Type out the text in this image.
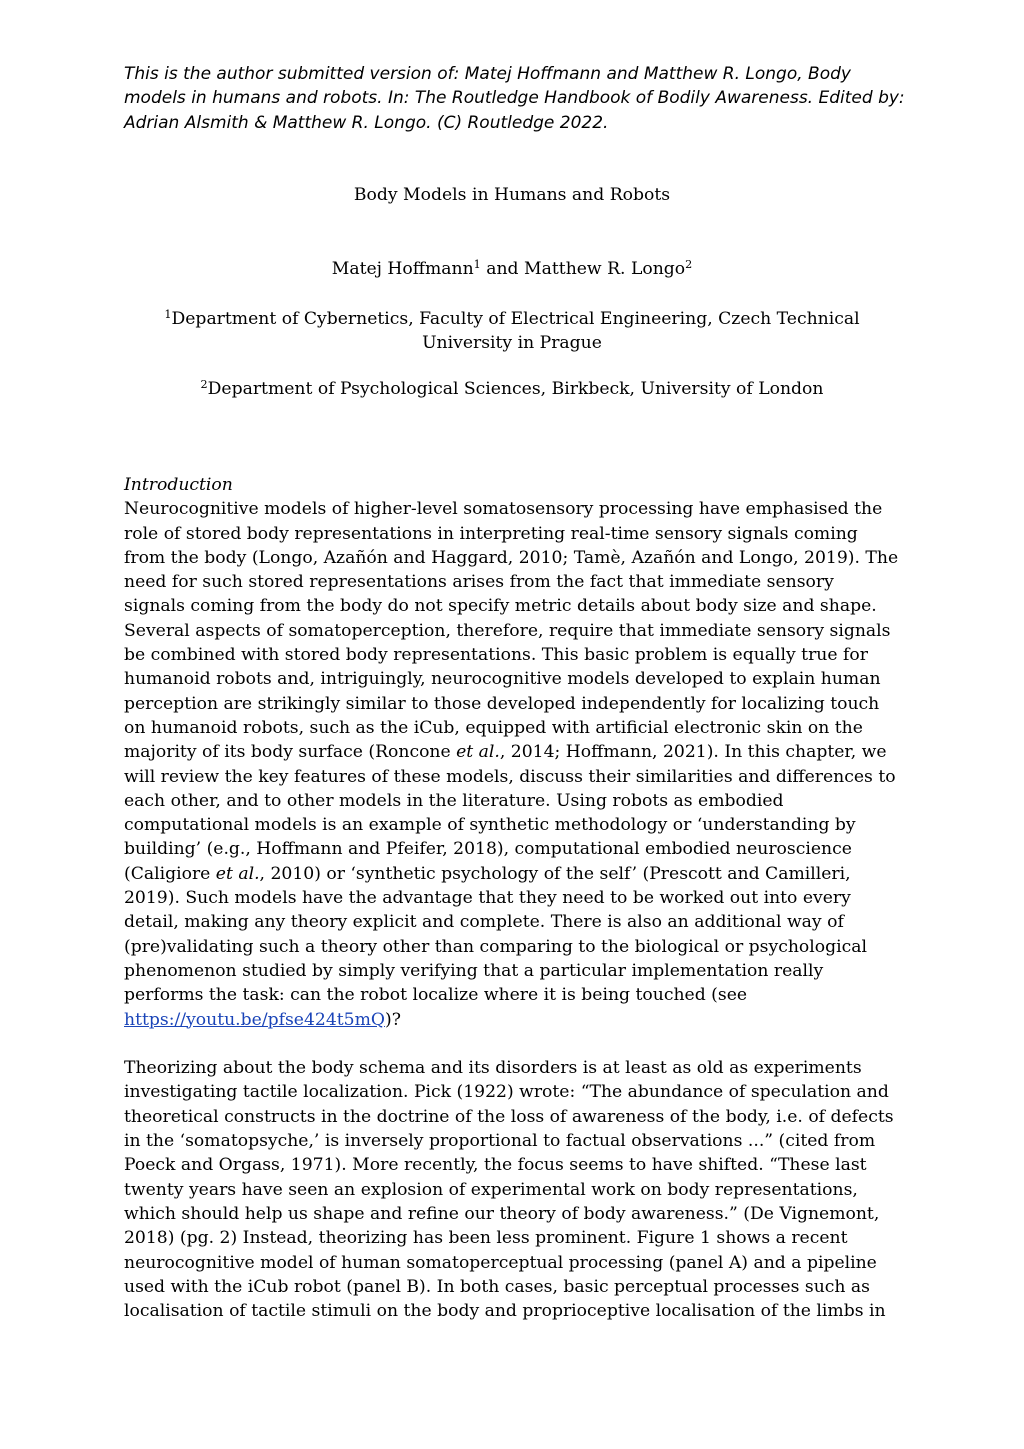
This is the author submitted version of: Matej Hoffmann and Matthew R. Longo, Body
models in humans and robots. In: The Routledge Handbook of Bodily Awareness. Edited by:
Adrian Alsmith & Matthew R. Longo. (C) Routledge 2022.
Body Models in Humans and Robots
Matej Hoffmann$^1$ and Matthew R. Longo$^2$
$^1$Department of Cybernetics, Faculty of Electrical Engineering, Czech Technical
University in Prague
$^2$Department of Psychological Sciences, Birkbeck, University of London
Introduction
Neurocognitive models of higher-level somatosensory processing have emphasised the
role of stored body representations in interpreting real-time sensory signals coming
from the body (Longo, Azañón and Haggard, 2010; Tamè, Azañón and Longo, 2019). The
need for such stored representations arises from the fact that immediate sensory
signals coming from the body do not specify metric details about body size and shape.
Several aspects of somatoperception, therefore, require that immediate sensory signals
be combined with stored body representations. This basic problem is equally true for
humanoid robots and, intriguingly, neurocognitive models developed to explain human
perception are strikingly similar to those developed independently for localizing touch
on humanoid robots, such as the iCub, equipped with artificial electronic skin on the
majority of its body surface (Roncone et al., 2014; Hoffmann, 2021). In this chapter, we
will review the key features of these models, discuss their similarities and differences to
each other, and to other models in the literature. Using robots as embodied
computational models is an example of synthetic methodology or ‘understanding by
building’ (e.g., Hoffmann and Pfeifer, 2018), computational embodied neuroscience
(Caligiore et al., 2010) or ‘synthetic psychology of the self’ (Prescott and Camilleri,
2019). Such models have the advantage that they need to be worked out into every
detail, making any theory explicit and complete. There is also an additional way of
(pre)validating such a theory other than comparing to the biological or psychological
phenomenon studied by simply verifying that a particular implementation really
performs the task: can the robot localize where it is being touched (see
https://youtu.be/pfse424t5mQ)?
Theorizing about the body schema and its disorders is at least as old as experiments
investigating tactile localization. Pick (1922) wrote: “The abundance of speculation and
theoretical constructs in the doctrine of the loss of awareness of the body, i.e. of defects
in the ‘somatopsyche,’ is inversely proportional to factual observations ...” (cited from
Poeck and Orgass, 1971). More recently, the focus seems to have shifted. “These last
twenty years have seen an explosion of experimental work on body representations,
which should help us shape and refine our theory of body awareness.” (De Vignemont,
2018) (pg. 2) Instead, theorizing has been less prominent. Figure 1 shows a recent
neurocognitive model of human somatoperceptual processing (panel A) and a pipeline
used with the iCub robot (panel B). In both cases, basic perceptual processes such as
localisation of tactile stimuli on the body and proprioceptive localisation of the limbs in
